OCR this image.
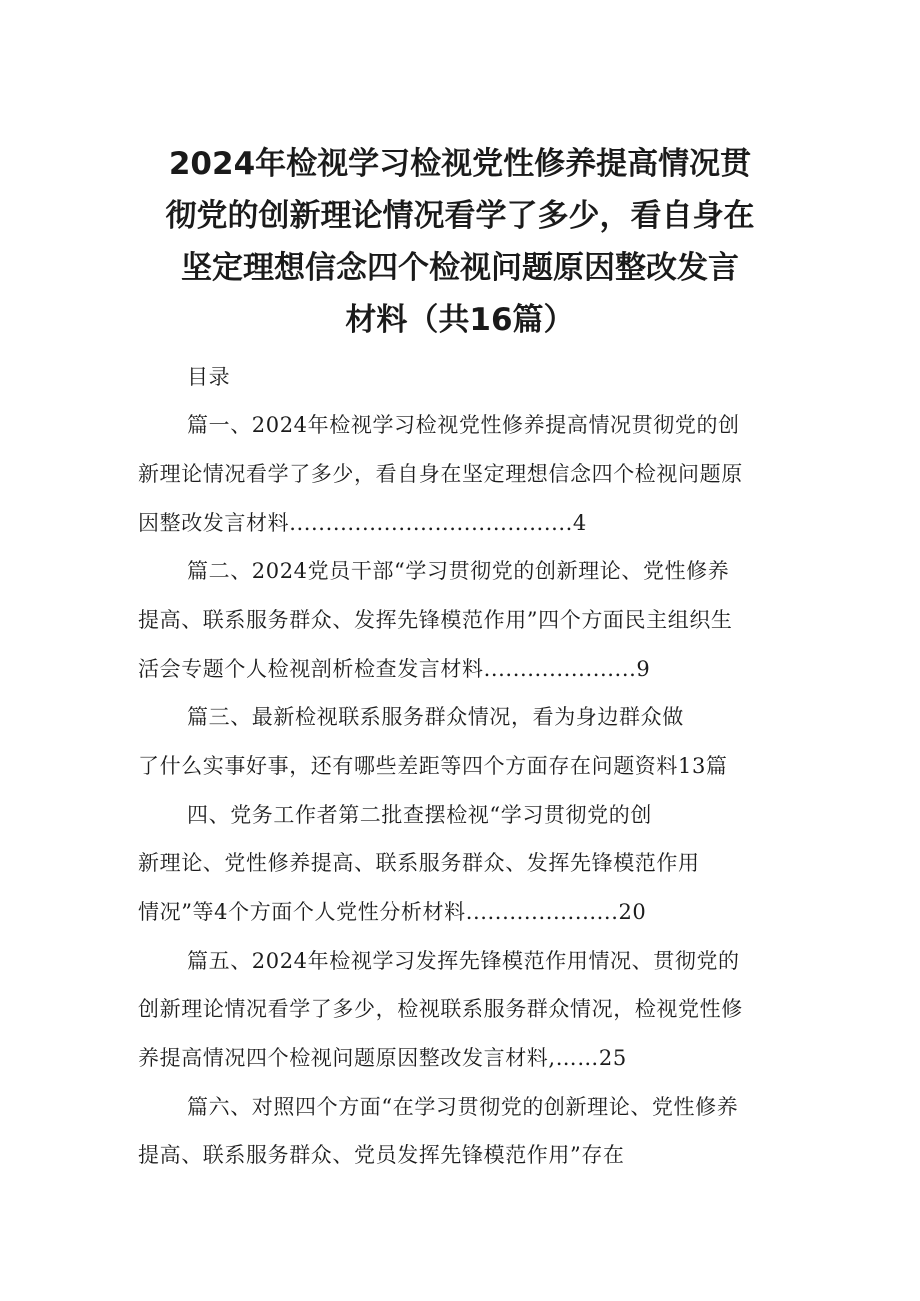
2024年检视学习检视党性修养提高情况贯
彻党的创新理论情况看学了多少，看自身在
坚定理想信念四个检视问题原因整改发言
材料（共16篇）
目录
篇一、2024年检视学习检视党性修养提高情况贯彻党的创
新理论情况看学了多少，看自身在坚定理想信念四个检视问题原
因整改发言材料.......................................4
篇二、2024党员干部“学习贯彻党的创新理论、党性修养
提高、联系服务群众、发挥先锋模范作用”四个方面民主组织生
活会专题个人检视剖析检查发言材料.....................9
篇三、最新检视联系服务群众情况，看为身边群众做
了什么实事好事，还有哪些差距等四个方面存在问题资料13篇
四、党务工作者第二批查摆检视“学习贯彻党的创
新理论、党性修养提高、联系服务群众、发挥先锋模范作用
情况”等4个方面个人党性分析材料.....................20
篇五、2024年检视学习发挥先锋模范作用情况、贯彻党的
创新理论情况看学了多少，检视联系服务群众情况，检视党性修
养提高情况四个检视问题原因整改发言材料,……25
篇六、对照四个方面“在学习贯彻党的创新理论、党性修养
提高、联系服务群众、党员发挥先锋模范作用”存在
